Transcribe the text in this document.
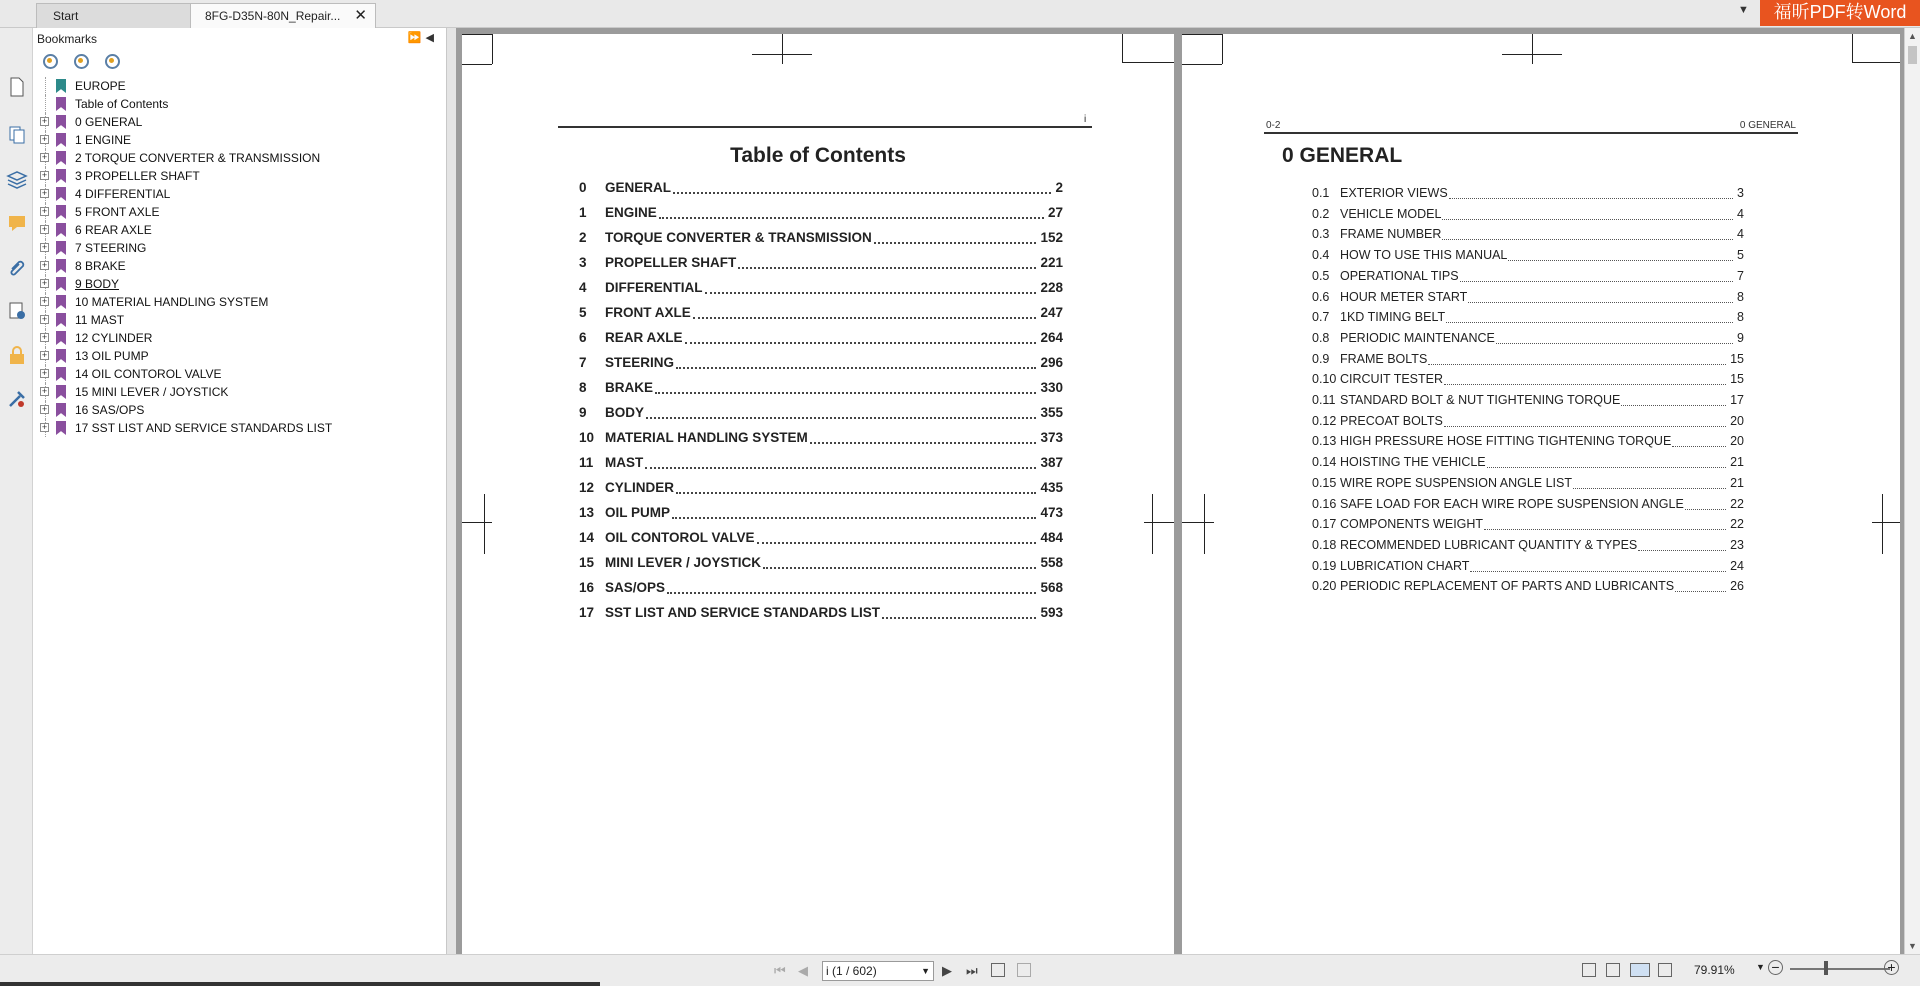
Start	8FG-D35N-80N_Repair... ✕	▼	福昕PDF转Word
Bookmarks	⏩◀
EUROPE
Table of Contents
+ 0 GENERAL
+ 1 ENGINE
+ 2 TORQUE CONVERTER & TRANSMISSION
+ 3 PROPELLER SHAFT
+ 4 DIFFERENTIAL
+ 5 FRONT AXLE
+ 6 REAR AXLE
+ 7 STEERING
+ 8 BRAKE
+ 9 BODY
+ 10 MATERIAL HANDLING SYSTEM
+ 11 MAST
+ 12 CYLINDER
+ 13 OIL PUMP
+ 14 OIL CONTOROL VALVE
+ 15 MINI LEVER / JOYSTICK
+ 16 SAS/OPS
+ 17 SST LIST AND SERVICE STANDARDS LIST
i
Table of Contents
0	GENERAL	2
1	ENGINE	27
2	TORQUE CONVERTER & TRANSMISSION	152
3	PROPELLER SHAFT	221
4	DIFFERENTIAL	228
5	FRONT AXLE	247
6	REAR AXLE	264
7	STEERING	296
8	BRAKE	330
9	BODY	355
10 MATERIAL HANDLING SYSTEM	373
11 MAST	387
12 CYLINDER	435
13 OIL PUMP	473
14 OIL CONTOROL VALVE	484
15 MINI LEVER / JOYSTICK	558
16 SAS/OPS	568
17 SST LIST AND SERVICE STANDARDS LIST	593
0-2	0 GENERAL
0 GENERAL
0.1 EXTERIOR VIEWS	3
0.2 VEHICLE MODEL	4
0.3 FRAME NUMBER	4
0.4 HOW TO USE THIS MANUAL	5
0.5 OPERATIONAL TIPS	7
0.6 HOUR METER START	8
0.7 1KD TIMING BELT	8
0.8 PERIODIC MAINTENANCE	9
0.9 FRAME BOLTS	15
0.10 CIRCUIT TESTER	15
0.11 STANDARD BOLT & NUT TIGHTENING TORQUE	17
0.12 PRECOAT BOLTS	20
0.13 HIGH PRESSURE HOSE FITTING TIGHTENING TORQUE	20
0.14 HOISTING THE VEHICLE	21
0.15 WIRE ROPE SUSPENSION ANGLE LIST	21
0.16 SAFE LOAD FOR EACH WIRE ROPE SUSPENSION ANGLE	22
0.17 COMPONENTS WEIGHT	22
0.18 RECOMMENDED LUBRICANT QUANTITY & TYPES	23
0.19 LUBRICATION CHART	24
0.20 PERIODIC REPLACEMENT OF PARTS AND LUBRICANTS	26
▲
▼
⏮ ◀	i (1 / 602)	▼ ▶ ⏭	79.91% ▼ −	+
